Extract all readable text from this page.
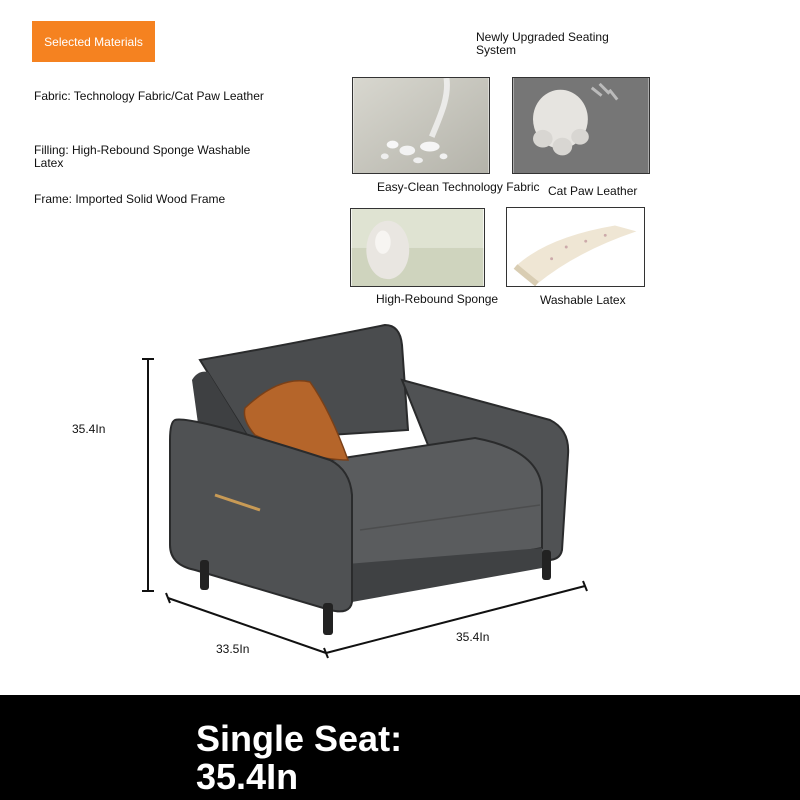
Selected Materials
Fabric: Technology Fabric/Cat Paw Leather
Filling: High-Rebound Sponge Washable Latex
Frame: Imported Solid Wood Frame
Newly Upgraded Seating System
Easy-Clean Technology Fabric Cat Paw Leather
High-Rebound Sponge	Washable Latex
35.4In
33.5In
35.4In
Single Seat:
35.4In
